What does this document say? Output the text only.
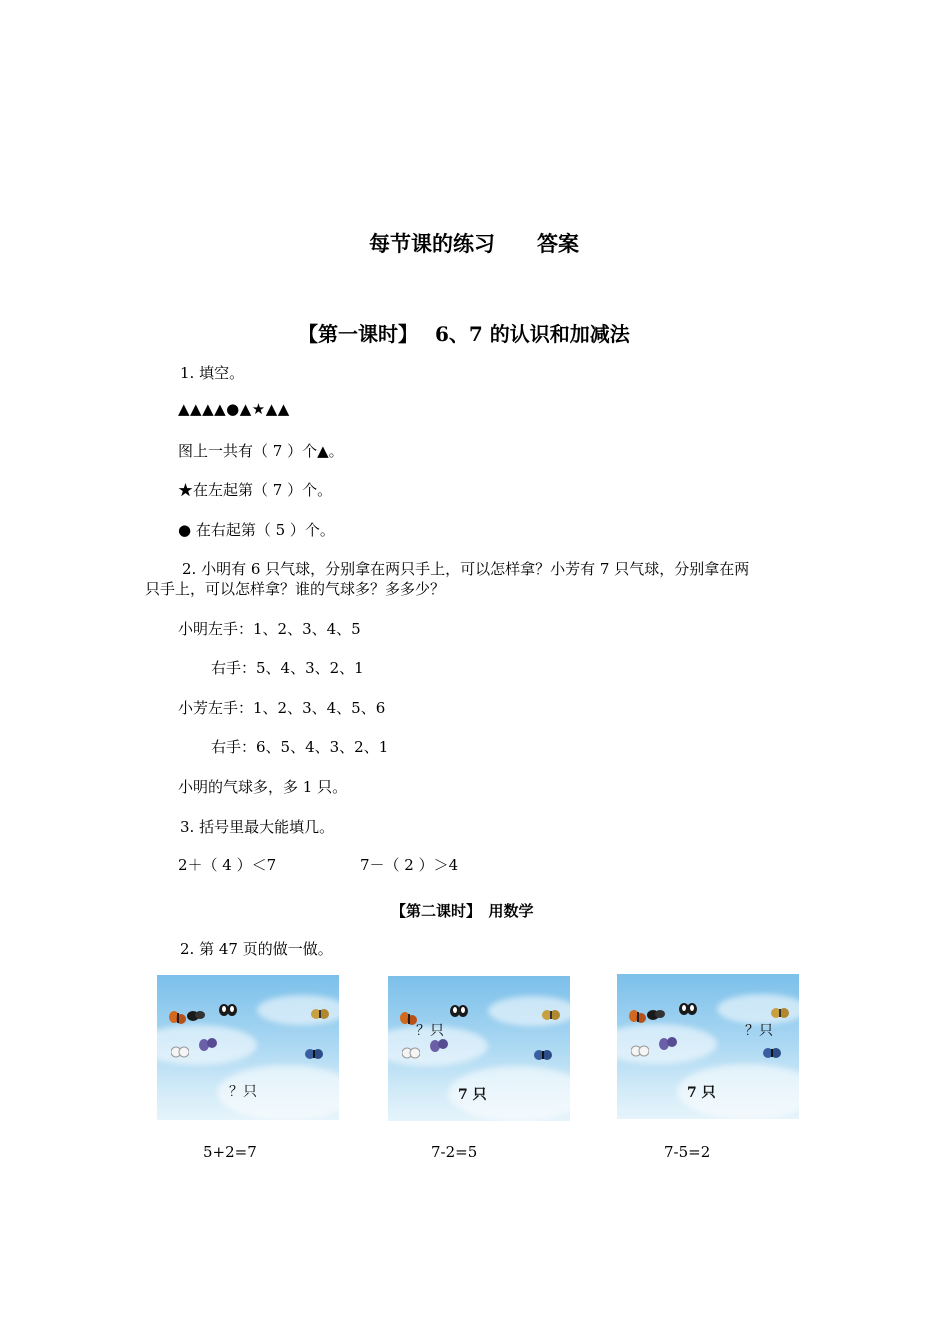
每节课的练习　　答案
【第一课时】　 6、7 的认识和加减法
1. 填空。
▲▲▲▲●▲★▲▲
图上一共有（ 7 ）个▲。
★在左起第（ 7 ）个。
● 在右起第（ 5 ）个。
2. 小明有 6 只气球，分别拿在两只手上，可以怎样拿？小芳有 7 只气球，分别拿在两
只手上，可以怎样拿？谁的气球多？多多少？
小明左手：1、2、3、4、5
右手：5、4、3、2、1
小芳左手：1、2、3、4、5、6
右手：6、5、4、3、2、1
小明的气球多，多 1 只。
3. 括号里最大能填几。
2＋（ 4 ）＜7	7－（ 2 ）＞4
【第二课时】　用数学
2. 第 47 页的做一做。
？只
？只
7 只
？只
7 只
5+2=7	7-2=5	7-5=2
